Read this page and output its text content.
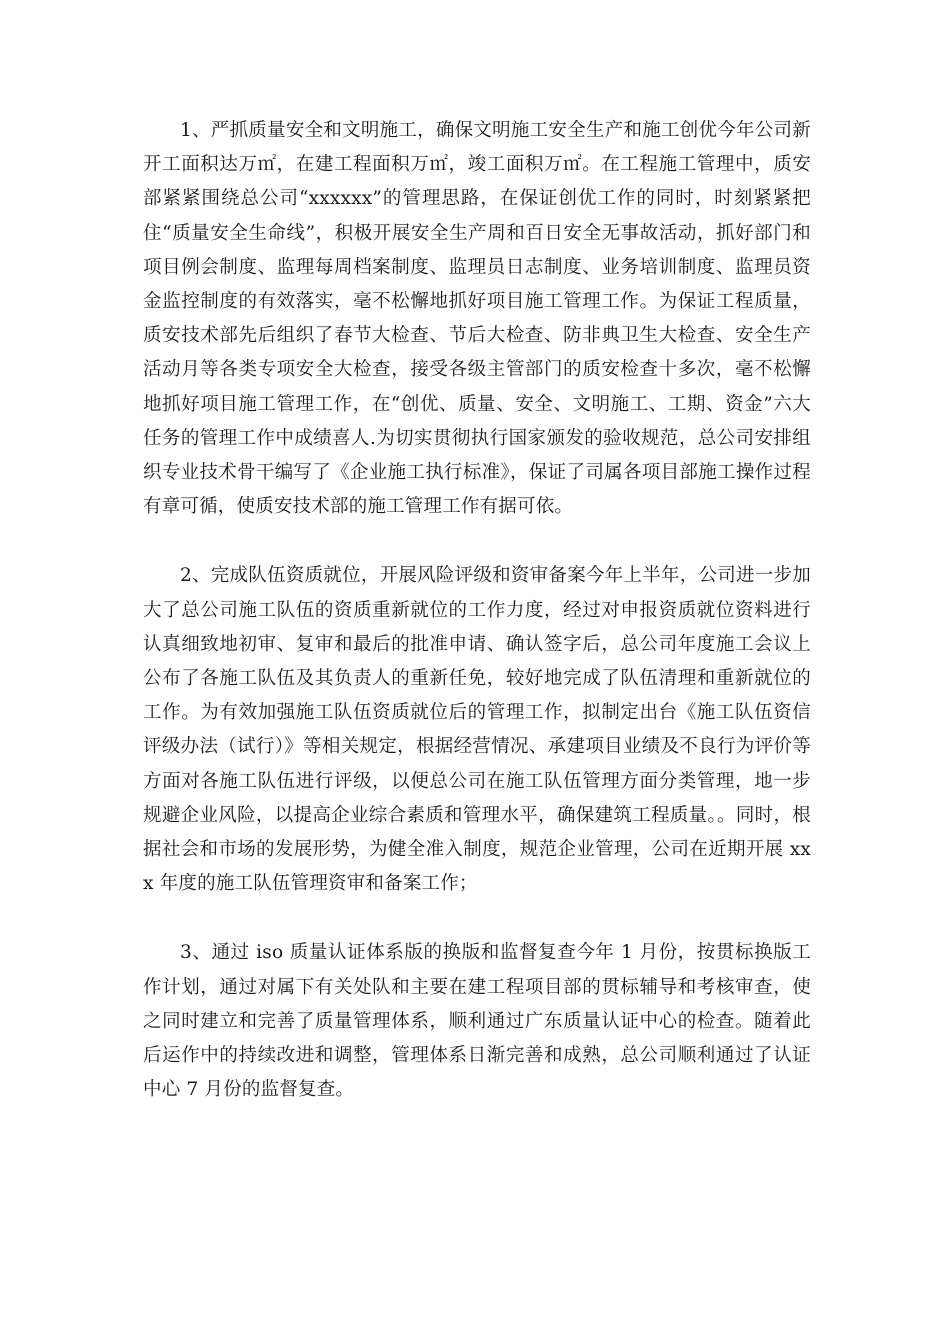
1、严抓质量安全和文明施工，确保文明施工安全生产和施工创优今年公司新开工面积达万㎡，在建工程面积万㎡，竣工面积万㎡。在工程施工管理中，质安部紧紧围绕总公司“xxxxxx”的管理思路，在保证创优工作的同时，时刻紧紧把住“质量安全生命线”，积极开展安全生产周和百日安全无事故活动，抓好部门和项目例会制度、监理每周档案制度、监理员日志制度、业务培训制度、监理员资金监控制度的有效落实，毫不松懈地抓好项目施工管理工作。为保证工程质量，质安技术部先后组织了春节大检查、节后大检查、防非典卫生大检查、安全生产活动月等各类专项安全大检查，接受各级主管部门的质安检查十多次，毫不松懈地抓好项目施工管理工作，在“创优、质量、安全、文明施工、工期、资金”六大任务的管理工作中成绩喜人.为切实贯彻执行国家颁发的验收规范，总公司安排组织专业技术骨干编写了《企业施工执行标准》，保证了司属各项目部施工操作过程有章可循，使质安技术部的施工管理工作有据可依。

2、完成队伍资质就位，开展风险评级和资审备案今年上半年，公司进一步加大了总公司施工队伍的资质重新就位的工作力度，经过对申报资质就位资料进行认真细致地初审、复审和最后的批准申请、确认签字后，总公司年度施工会议上公布了各施工队伍及其负责人的重新任免，较好地完成了队伍清理和重新就位的工作。为有效加强施工队伍资质就位后的管理工作，拟制定出台《施工队伍资信评级办法（试行）》等相关规定，根据经营情况、承建项目业绩及不良行为评价等方面对各施工队伍进行评级，以便总公司在施工队伍管理方面分类管理，地一步规避企业风险，以提高企业综合素质和管理水平，确保建筑工程质量。。同时，根据社会和市场的发展形势，为健全准入制度，规范企业管理，公司在近期开展 xxx 年度的施工队伍管理资审和备案工作；

3、通过 iso 质量认证体系版的换版和监督复查今年 1 月份，按贯标换版工作计划，通过对属下有关处队和主要在建工程项目部的贯标辅导和考核审查，使之同时建立和完善了质量管理体系，顺利通过广东质量认证中心的检查。随着此后运作中的持续改进和调整，管理体系日渐完善和成熟，总公司顺利通过了认证中心 7 月份的监督复查。
